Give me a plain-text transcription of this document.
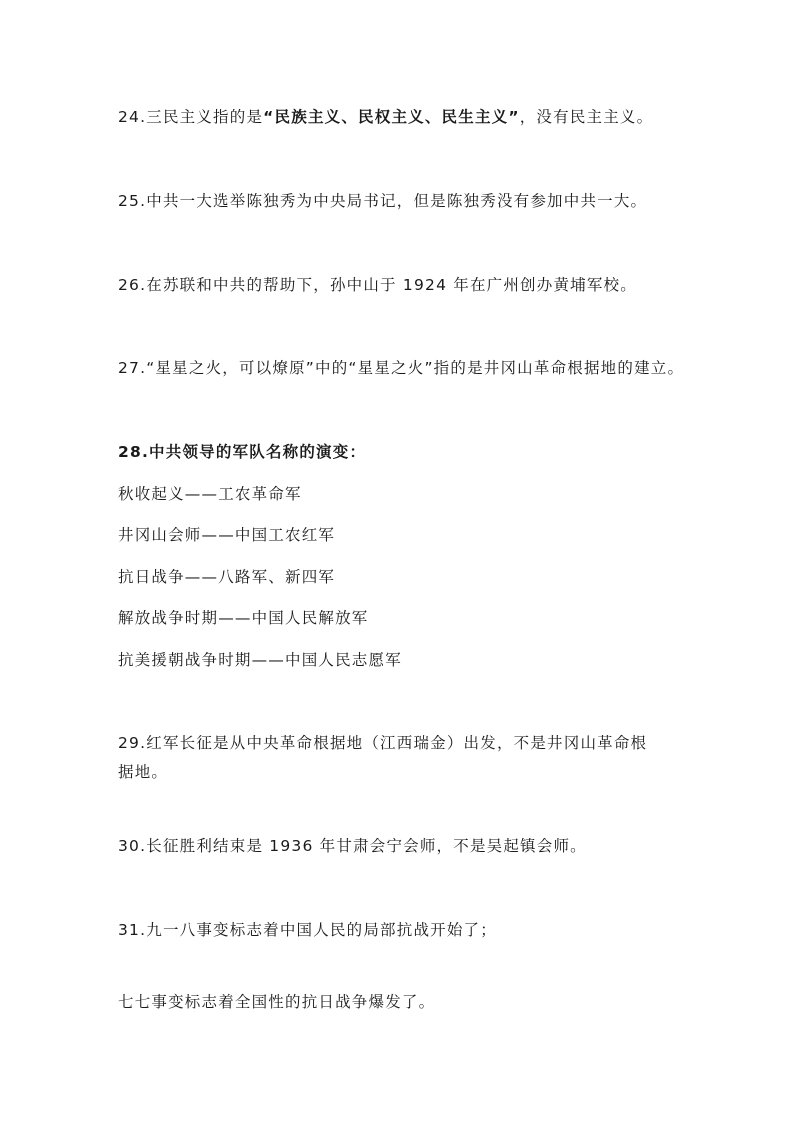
24.三民主义指的是“民族主义、民权主义、民生主义”，没有民主主义。

25.中共一大选举陈独秀为中央局书记，但是陈独秀没有参加中共一大。

26.在苏联和中共的帮助下，孙中山于 1924 年在广州创办黄埔军校。

27.“星星之火，可以燎原”中的“星星之火”指的是井冈山革命根据地的建立。

28.中共领导的军队名称的演变：

秋收起义——工农革命军

井冈山会师——中国工农红军

抗日战争——八路军、新四军

解放战争时期——中国人民解放军

抗美援朝战争时期——中国人民志愿军

29.红军长征是从中央革命根据地（江西瑞金）出发，不是井冈山革命根

据地。

30.长征胜利结束是 1936 年甘肃会宁会师，不是吴起镇会师。

31.九一八事变标志着中国人民的局部抗战开始了；

七七事变标志着全国性的抗日战争爆发了。
